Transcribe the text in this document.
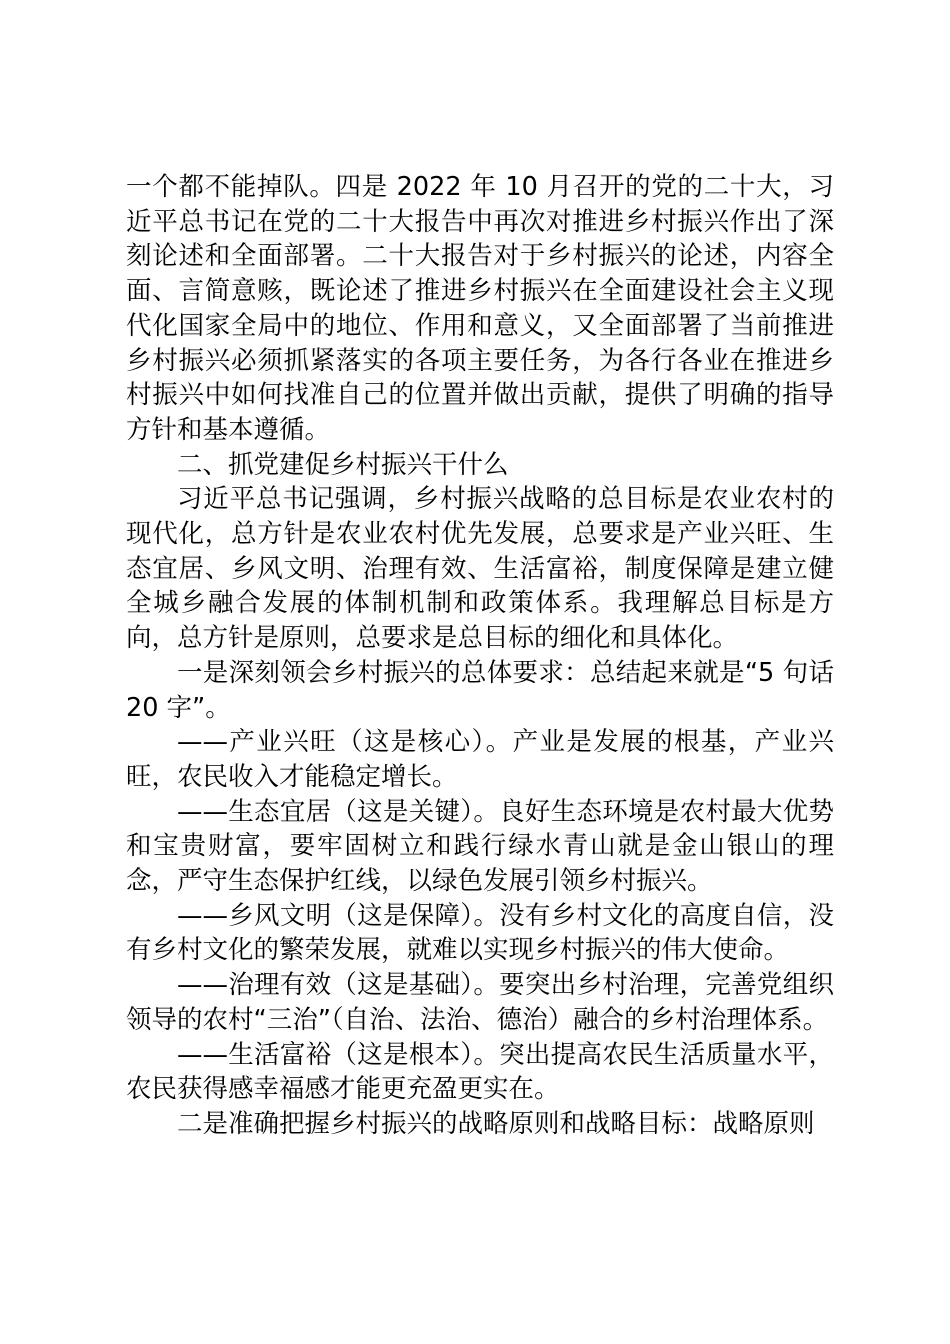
一个都不能掉队。四是 2022 年 10 月召开的党的二十大，习近平总书记在党的二十大报告中再次对推进乡村振兴作出了深刻论述和全面部署。二十大报告对于乡村振兴的论述，内容全面、言简意赅，既论述了推进乡村振兴在全面建设社会主义现代化国家全局中的地位、作用和意义，又全面部署了当前推进乡村振兴必须抓紧落实的各项主要任务，为各行各业在推进乡村振兴中如何找准自己的位置并做出贡献，提供了明确的指导方针和基本遵循。

二、抓党建促乡村振兴干什么

习近平总书记强调，乡村振兴战略的总目标是农业农村的现代化，总方针是农业农村优先发展，总要求是产业兴旺、生态宜居、乡风文明、治理有效、生活富裕，制度保障是建立健全城乡融合发展的体制机制和政策体系。我理解总目标是方向，总方针是原则，总要求是总目标的细化和具体化。

一是深刻领会乡村振兴的总体要求：总结起来就是“5 句话 20 字”。

——产业兴旺（这是核心）。产业是发展的根基，产业兴旺，农民收入才能稳定增长。

——生态宜居（这是关键）。良好生态环境是农村最大优势和宝贵财富，要牢固树立和践行绿水青山就是金山银山的理念，严守生态保护红线，以绿色发展引领乡村振兴。

——乡风文明（这是保障）。没有乡村文化的高度自信，没有乡村文化的繁荣发展，就难以实现乡村振兴的伟大使命。

——治理有效（这是基础）。要突出乡村治理，完善党组织领导的农村“三治”（自治、法治、德治）融合的乡村治理体系。

——生活富裕（这是根本）。突出提高农民生活质量水平，农民获得感幸福感才能更充盈更实在。

二是准确把握乡村振兴的战略原则和战略目标：战略原则
